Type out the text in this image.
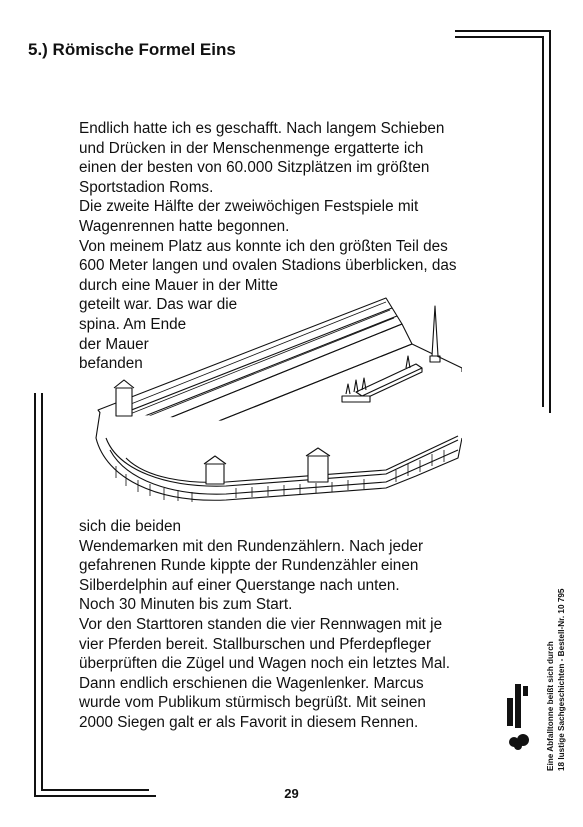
5.) Römische Formel Eins
Endlich hatte ich es geschafft. Nach langem Schieben
und Drücken in der Menschenmenge ergatterte ich
einen der besten von 60.000 Sitzplätzen im größten
Sportstadion Roms.
Die zweite Hälfte der zweiwöchigen Festspiele mit
Wagenrennen hatte begonnen.
Von meinem Platz aus konnte ich den größten Teil des
600 Meter langen und ovalen Stadions überblicken, das
durch eine Mauer in der Mitte
geteilt war. Das war die
spina. Am Ende
der Mauer
befanden
sich die beiden
Wendemarken mit den Rundenzählern. Nach jeder
gefahrenen Runde kippte der Rundenzähler einen
Silberdelphin auf einer Querstange nach unten.
Noch 30 Minuten bis zum Start.
Vor den Starttoren standen die vier Rennwagen mit je
vier Pferden bereit. Stallburschen und Pferdepfleger
überprüften die Zügel und Wagen noch ein letztes Mal.
Dann endlich erschienen die Wagenlenker. Marcus
wurde vom Publikum stürmisch begrüßt. Mit seinen
2000 Siegen galt er als Favorit in diesem Rennen.	Eine Abfalltonne beißt sich durch 18 lustige Sachgeschichten - Bestell-Nr. 10 795
29
